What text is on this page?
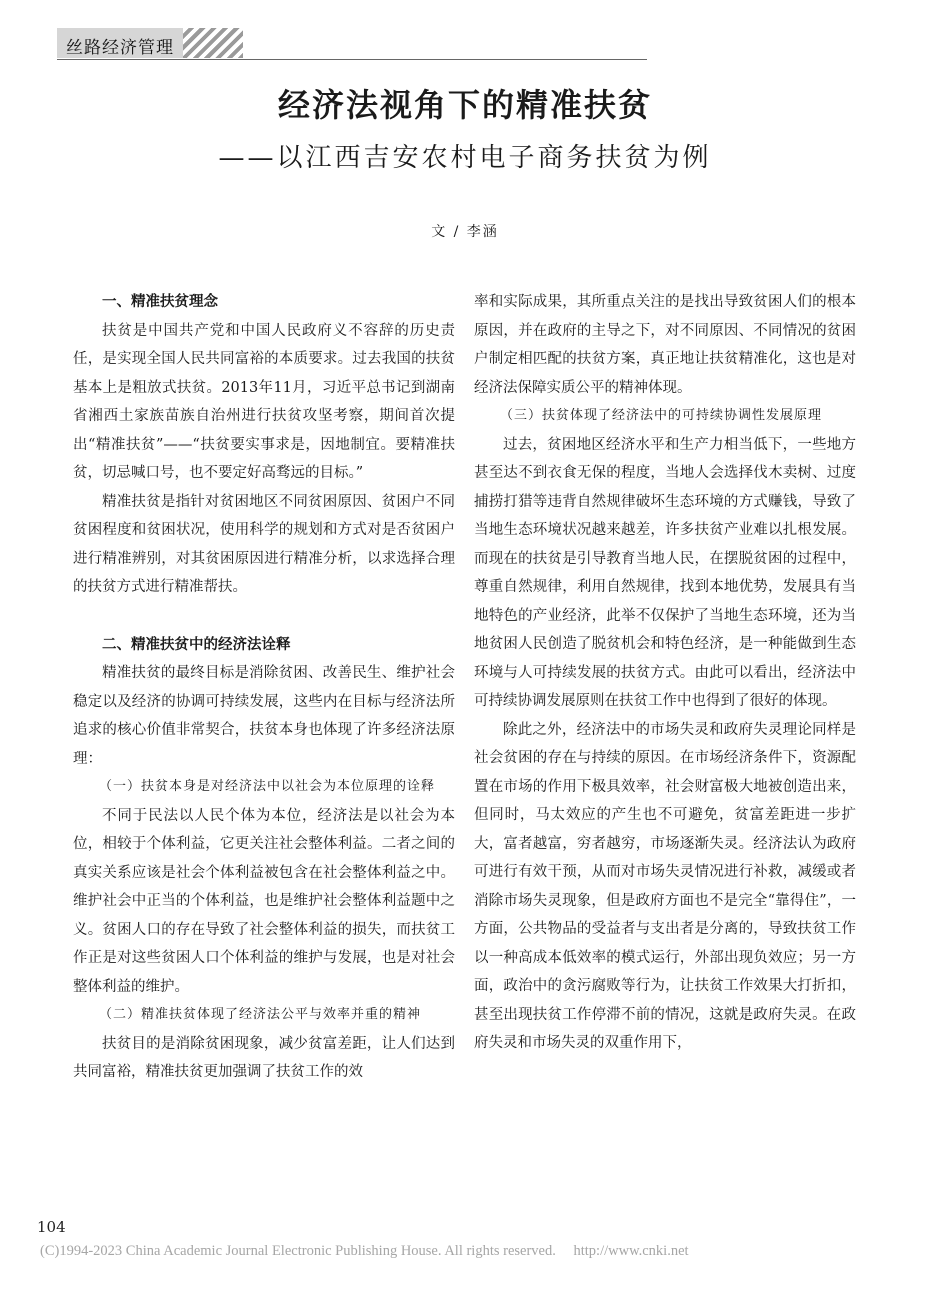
丝路经济管理
经济法视角下的精准扶贫
——以江西吉安农村电子商务扶贫为例
文 / 李涵
一、精准扶贫理念

扶贫是中国共产党和中国人民政府义不容辞的历史责任，是实现全国人民共同富裕的本质要求。过去我国的扶贫基本上是粗放式扶贫。2013年11月，习近平总书记到湖南省湘西土家族苗族自治州进行扶贫攻坚考察，期间首次提出“精准扶贫”——“扶贫要实事求是，因地制宜。要精准扶贫，切忌喊口号，也不要定好高骛远的目标。”

精准扶贫是指针对贫困地区不同贫困原因、贫困户不同贫困程度和贫困状况，使用科学的规划和方式对是否贫困户进行精准辨别，对其贫困原因进行精准分析，以求选择合理的扶贫方式进行精准帮扶。

二、精准扶贫中的经济法诠释

精准扶贫的最终目标是消除贫困、改善民生、维护社会稳定以及经济的协调可持续发展，这些内在目标与经济法所追求的核心价值非常契合，扶贫本身也体现了许多经济法原理：

（一）扶贫本身是对经济法中以社会为本位原理的诠释

不同于民法以人民个体为本位，经济法是以社会为本位，相较于个体利益，它更关注社会整体利益。二者之间的真实关系应该是社会个体利益被包含在社会整体利益之中。维护社会中正当的个体利益，也是维护社会整体利益题中之义。贫困人口的存在导致了社会整体利益的损失，而扶贫工作正是对这些贫困人口个体利益的维护与发展，也是对社会整体利益的维护。

（二）精准扶贫体现了经济法公平与效率并重的精神

扶贫目的是消除贫困现象，减少贫富差距，让人们达到共同富裕，精准扶贫更加强调了扶贫工作的效

率和实际成果，其所重点关注的是找出导致贫困人们的根本原因，并在政府的主导之下，对不同原因、不同情况的贫困户制定相匹配的扶贫方案，真正地让扶贫精准化，这也是对经济法保障实质公平的精神体现。

（三）扶贫体现了经济法中的可持续协调性发展原理

过去，贫困地区经济水平和生产力相当低下，一些地方甚至达不到衣食无保的程度，当地人会选择伐木卖树、过度捕捞打猎等违背自然规律破坏生态环境的方式赚钱，导致了当地生态环境状况越来越差，许多扶贫产业难以扎根发展。而现在的扶贫是引导教育当地人民，在摆脱贫困的过程中，尊重自然规律，利用自然规律，找到本地优势，发展具有当地特色的产业经济，此举不仅保护了当地生态环境，还为当地贫困人民创造了脱贫机会和特色经济，是一种能做到生态环境与人可持续发展的扶贫方式。由此可以看出，经济法中可持续协调发展原则在扶贫工作中也得到了很好的体现。

除此之外，经济法中的市场失灵和政府失灵理论同样是社会贫困的存在与持续的原因。在市场经济条件下，资源配置在市场的作用下极具效率，社会财富极大地被创造出来，但同时，马太效应的产生也不可避免，贫富差距进一步扩大，富者越富，穷者越穷，市场逐渐失灵。经济法认为政府可进行有效干预，从而对市场失灵情况进行补救，减缓或者消除市场失灵现象，但是政府方面也不是完全“靠得住”，一方面，公共物品的受益者与支出者是分离的，导致扶贫工作以一种高成本低效率的模式运行，外部出现负效应；另一方面，政治中的贪污腐败等行为，让扶贫工作效果大打折扣，甚至出现扶贫工作停滞不前的情况，这就是政府失灵。在政府失灵和市场失灵的双重作用下，

104
(C)1994-2023 China Academic Journal Electronic Publishing House. All rights reserved. http://www.cnki.net
